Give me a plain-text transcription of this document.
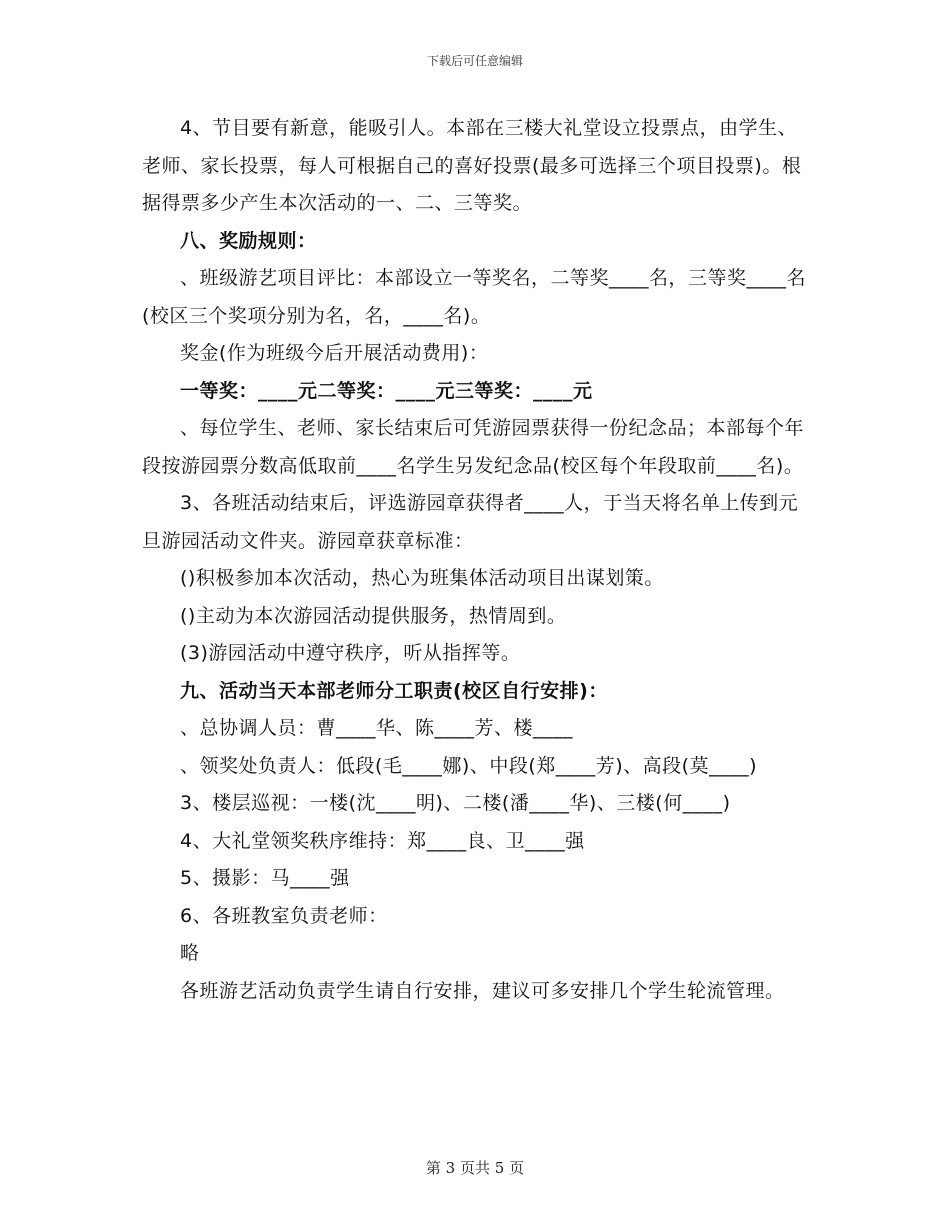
下载后可任意编辑

4、节目要有新意，能吸引人。本部在三楼大礼堂设立投票点，由学生、老师、家长投票，每人可根据自己的喜好投票(最多可选择三个项目投票)。根据得票多少产生本次活动的一、二、三等奖。

八、奖励规则：

、班级游艺项目评比：本部设立一等奖名，二等奖____名，三等奖____名(校区三个奖项分别为名，名，____名)。

奖金(作为班级今后开展活动费用)：

一等奖：____元二等奖：____元三等奖：____元

、每位学生、老师、家长结束后可凭游园票获得一份纪念品；本部每个年段按游园票分数高低取前____名学生另发纪念品(校区每个年段取前____名)。

3、各班活动结束后，评选游园章获得者____人，于当天将名单上传到元旦游园活动文件夹。游园章获章标准：

()积极参加本次活动，热心为班集体活动项目出谋划策。

()主动为本次游园活动提供服务，热情周到。

(3)游园活动中遵守秩序，听从指挥等。

九、活动当天本部老师分工职责(校区自行安排)：

、总协调人员：曹____华、陈____芳、楼____

、领奖处负责人：低段(毛____娜)、中段(郑____芳)、高段(莫____)

3、楼层巡视：一楼(沈____明)、二楼(潘____华)、三楼(何____)

4、大礼堂领奖秩序维持：郑____良、卫____强

5、摄影：马____强

6、各班教室负责老师：

略

各班游艺活动负责学生请自行安排，建议可多安排几个学生轮流管理。

第 3 页共 5 页
